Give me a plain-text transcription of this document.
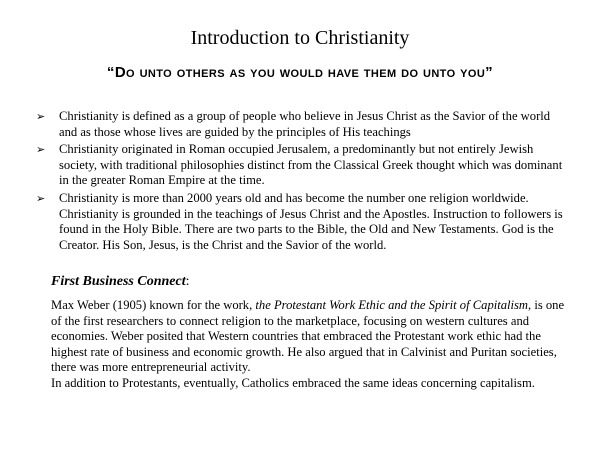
Introduction to Christianity
“Do unto others as you would have them do unto you”
➢ Christianity is defined as a group of people who believe in Jesus Christ as the Savior of the world and as those whose lives are guided by the principles of His teachings
➢ Christianity originated in Roman occupied Jerusalem, a predominantly but not entirely Jewish society, with traditional philosophies distinct from the Classical Greek thought which was dominant in the greater Roman Empire at the time.
➢ Christianity is more than 2000 years old and has become the number one religion worldwide. Christianity is grounded in the teachings of Jesus Christ and the Apostles. Instruction to followers is found in the Holy Bible. There are two parts to the Bible, the Old and New Testaments. God is the Creator. His Son, Jesus, is the Christ and the Savior of the world.
First Business Connect:

Max Weber (1905) known for the work, the Protestant Work Ethic and the Spirit of Capitalism, is one of the first researchers to connect religion to the marketplace, focusing on western cultures and economies. Weber posited that Western countries that embraced the Protestant work ethic had the highest rate of business and economic growth. He also argued that in Calvinist and Puritan societies, there was more entrepreneurial activity.

In addition to Protestants, eventually, Catholics embraced the same ideas concerning capitalism.
